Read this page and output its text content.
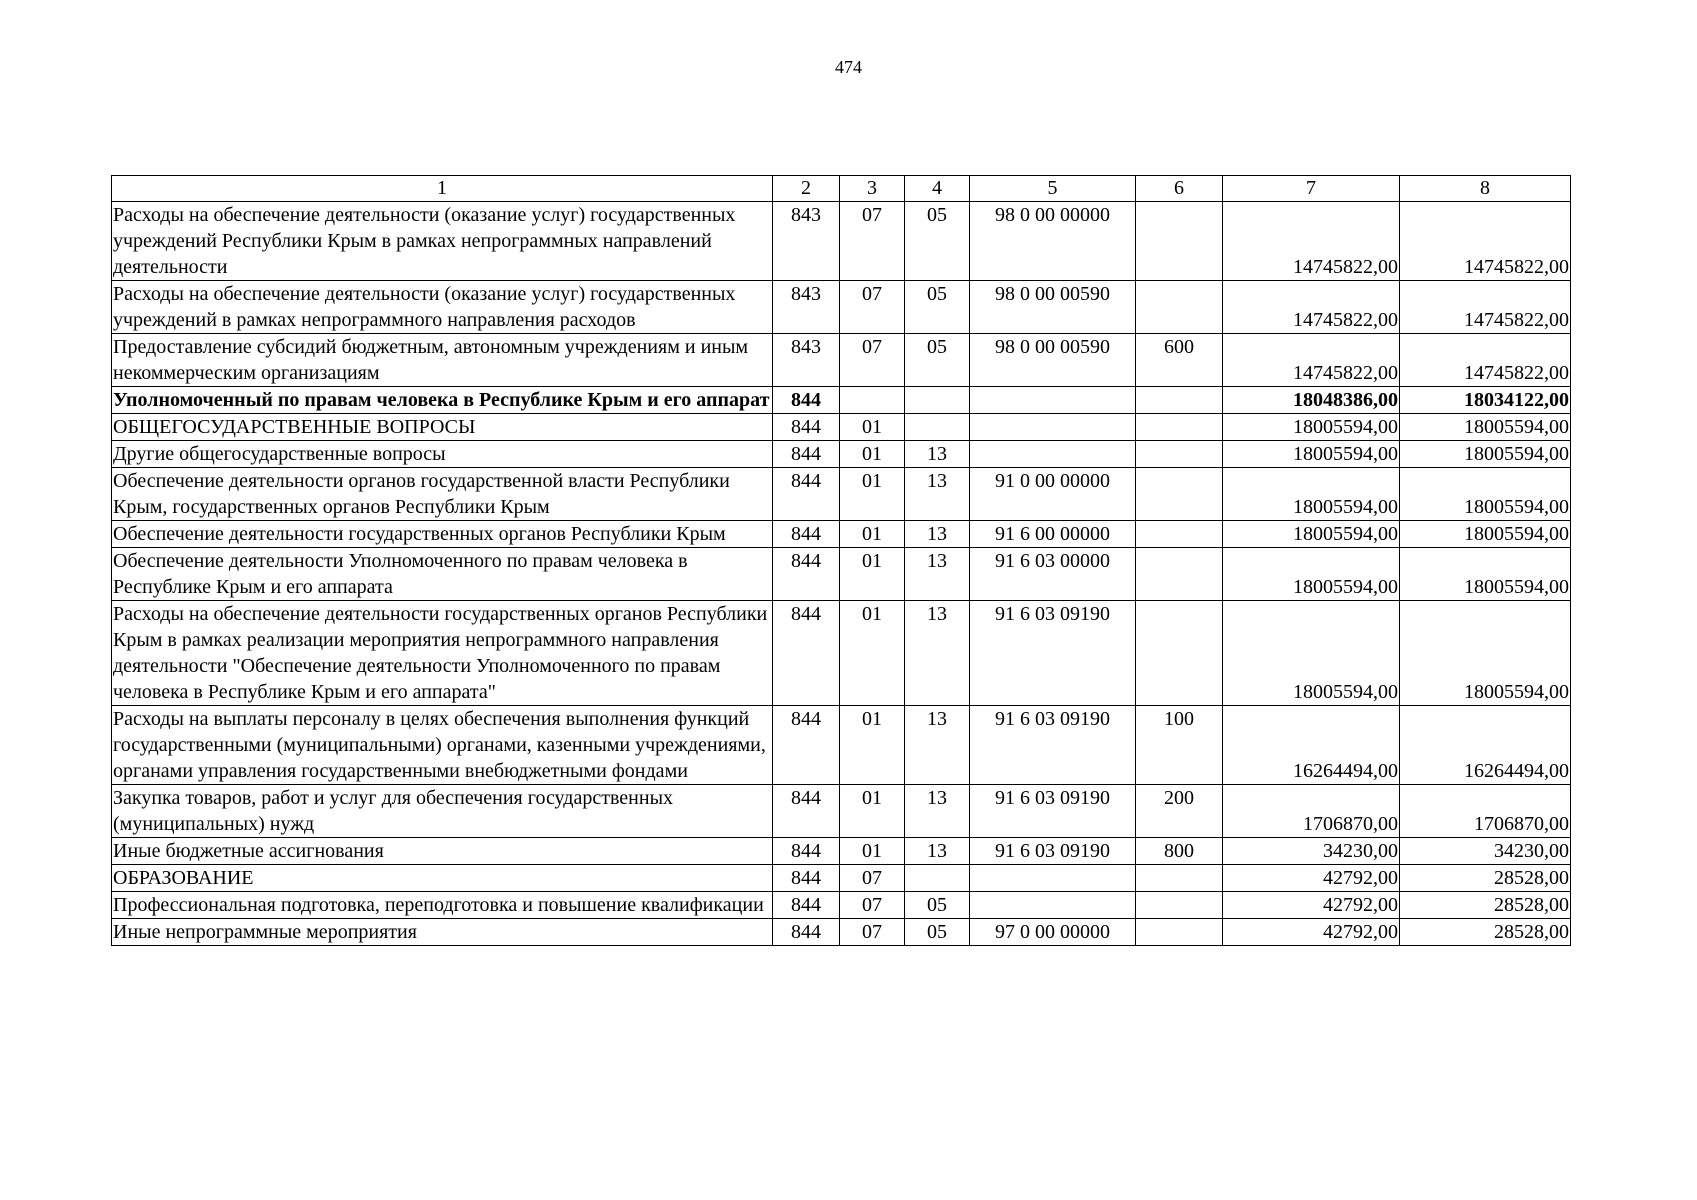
474
1	2	3	4	5	6	7	8
Расходы на обеспечение деятельности (оказание услуг) государственных учреждений Республики Крым в рамках непрограммных направлений деятельности	843	07	05	98 0 00 00000		14745822,00	14745822,00
Расходы на обеспечение деятельности (оказание услуг) государственных учреждений в рамках непрограммного направления расходов	843	07	05	98 0 00 00590		14745822,00	14745822,00
Предоставление субсидий бюджетным, автономным учреждениям и иным некоммерческим организациям	843	07	05	98 0 00 00590	600	14745822,00	14745822,00
Уполномоченный по правам человека в Республике Крым и его аппарат	844					18048386,00	18034122,00
ОБЩЕГОСУДАРСТВЕННЫЕ ВОПРОСЫ	844	01				18005594,00	18005594,00
Другие общегосударственные вопросы	844	01	13			18005594,00	18005594,00
Обеспечение деятельности органов государственной власти Республики Крым, государственных органов Республики Крым	844	01	13	91 0 00 00000		18005594,00	18005594,00
Обеспечение деятельности государственных органов Республики Крым	844	01	13	91 6 00 00000		18005594,00	18005594,00
Обеспечение деятельности Уполномоченного по правам человека в Республике Крым и его аппарата	844	01	13	91 6 03 00000		18005594,00	18005594,00
Расходы на обеспечение деятельности государственных органов Республики Крым в рамках реализации мероприятия непрограммного направления деятельности "Обеспечение деятельности Уполномоченного по правам человека в Республике Крым и его аппарата"	844	01	13	91 6 03 09190		18005594,00	18005594,00
Расходы на выплаты персоналу в целях обеспечения выполнения функций государственными (муниципальными) органами, казенными учреждениями, органами управления государственными внебюджетными фондами	844	01	13	91 6 03 09190	100	16264494,00	16264494,00
Закупка товаров, работ и услуг для обеспечения государственных (муниципальных) нужд	844	01	13	91 6 03 09190	200	1706870,00	1706870,00
Иные бюджетные ассигнования	844	01	13	91 6 03 09190	800	34230,00	34230,00
ОБРАЗОВАНИЕ	844	07				42792,00	28528,00
Профессиональная подготовка, переподготовка и повышение квалификации	844	07	05			42792,00	28528,00
Иные непрограммные мероприятия	844	07	05	97 0 00 00000		42792,00	28528,00
